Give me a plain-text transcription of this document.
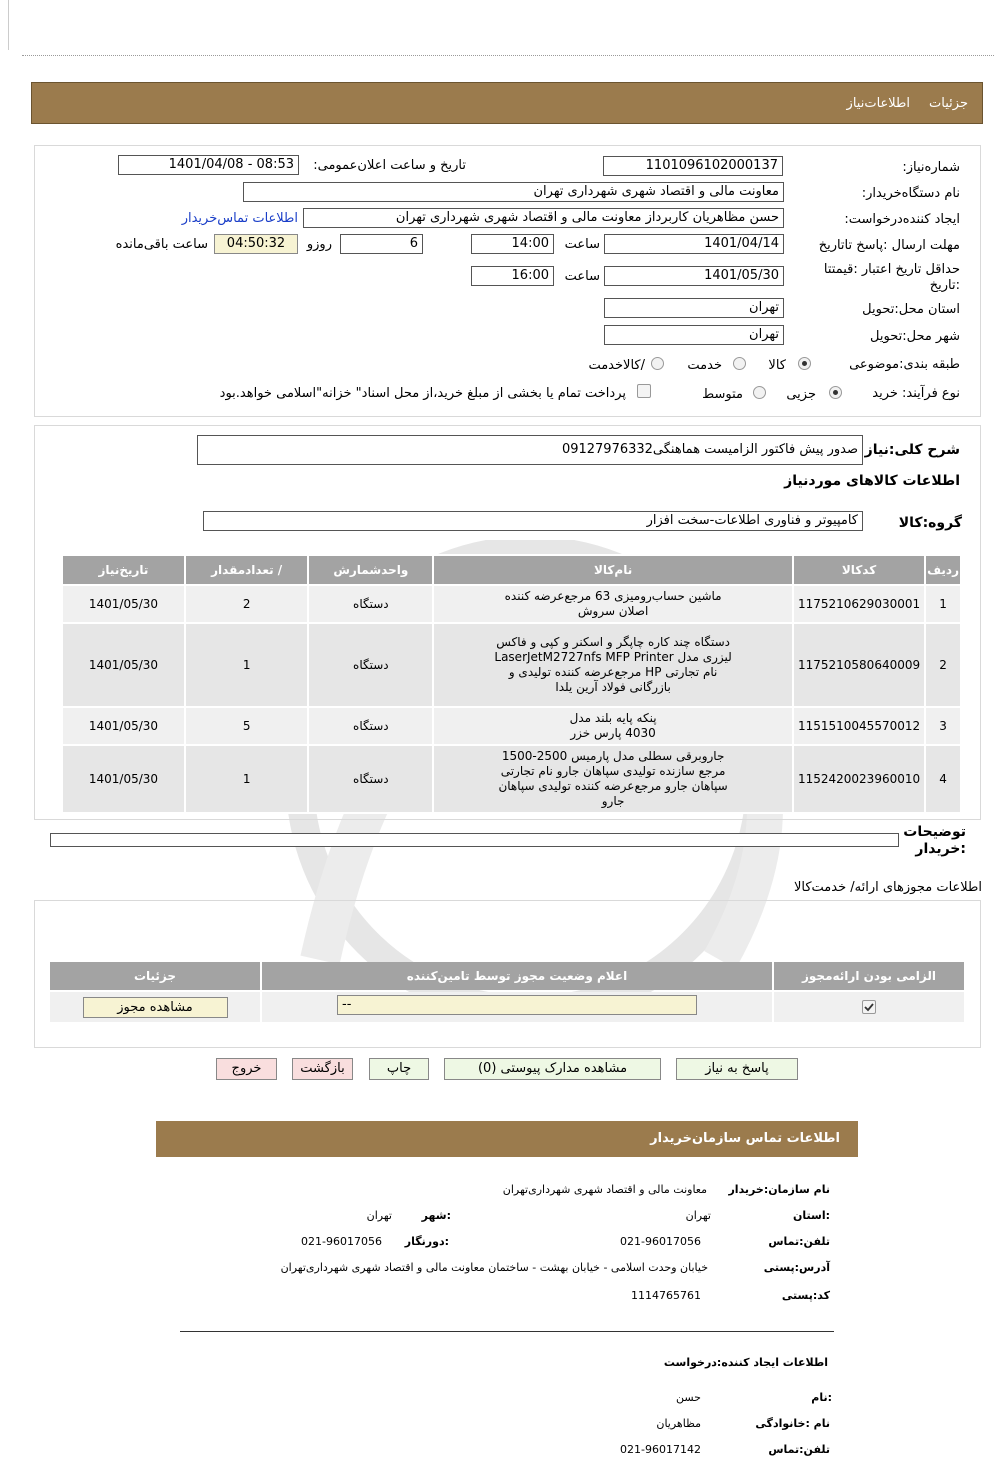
جزئیات
اطلاعات‌نیاز
شماره‌نیاز:
1101096102000137
تاریخ و ساعت اعلان‌عمومی:
1401/04/08 - 08:53
نام دستگاه‌خریدار:
معاونت مالی و اقتصاد شهری شهرداری تهران
ایجاد کننده‌درخواست:
حسن مظاهریان کاربرداز معاونت مالی و اقتصاد شهری شهرداری تهران
اطلاعات تماس‌خریدار
مهلت ارسال :پاسخ تا‌تاریخ
1401/04/14
ساعت
14:00
6
روزو
04:50:32
ساعت باقی‌مانده
حداقل تاریخ اعتبار :قیمتتا :تاریخ
1401/05/30
ساعت
16:00
استان محل:تحویل
تهران
شهر محل:تحویل
تهران
طبقه بندی:موضوعی
کالا
خدمت
/کالاخدمت
نوع فرآیند: خرید
جزیی
متوسط
پرداخت تمام یا بخشی از مبلغ خرید،از محل اسناد" خزانه"اسلامی خواهد.بود
شرح کلی:نیاز
صدور پیش فاکتور الزامیست هماهنگی09127976332
اطلاعات کالاهای موردنیاز
گروه:کالا
کامپیوتر و فناوری اطلاعات-سخت افزار
ردیف	کدکالا	نام‌کالا	واحدشمارش	/ تعدادمقدار	تاریخ‌نیاز
1	1175210629030001	ماشین حساب‌رومیزی 63 مرجع‌عرضه کننده اصلان سروش	دستگاه	2	1401/05/30
2	1175210580640009	دستگاه چند کاره چاپگر و اسکنر و کپی و فاکس لیزری مدل LaserJetM2727nfs MFP Printer نام تجارتی HP مرجع‌عرضه کننده تولیدی و بازرگانی فولاد آرین یلدا	دستگاه	1	1401/05/30
3	1151510045570012	پنکه پایه بلند مدل 4030 پارس خزر	دستگاه	5	1401/05/30
4	1152420023960010	جاروبرقی سطلی مدل پارمیس 2500-1500 مرجع سازنده تولیدی سپاهان جارو نام تجارتی سپاهان جارو مرجع‌عرضه کننده تولیدی سپاهان جارو	دستگاه	1	1401/05/30
توضیحات :خریدار
اطلاعات مجوزهای ارائه/ خدمت‌کالا
الزامی بودن ارائه‌مجوز	اعلام وضعیت مجوز توسط تامین‌کننده	جزئیات

	--	مشاهده مجوز
پاسخ به نیاز
مشاهده مدارک پیوستی (0)
چاپ
بازگشت
خروج
اطلاعات تماس سازمان‌خریدار
نام سازمان:خریدار
معاونت مالی و اقتصاد شهری شهرداری‌تهران
:استان
تهران
:شهر
تهران
تلفن:تماس
021-96017056
:دورنگار
021-96017056
آدرس:پستی
خیابان وحدت اسلامی - خیابان بهشت - ساختمان معاونت مالی و اقتصاد شهری شهرداری‌تهران
کد:پستی
1114765761
اطلاعات ایجاد کننده:درخواست
:نام
حسن
نام :خانوادگی
مظاهریان
تلفن:تماس
021-96017142
